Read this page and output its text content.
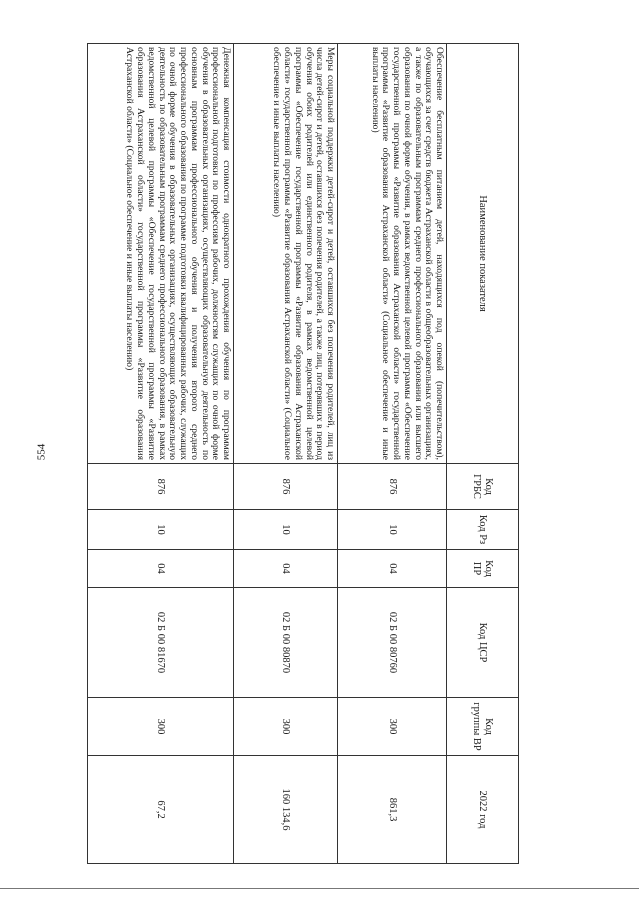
554
Наименование показателя	Код ГРБС	Код Рз	Код ПР	Код ЦСР	Код группы ВР	2022 год
Обеспечение бесплатным питанием детей, находящихся под опекой (попечительством), обучающихся за счет средств бюджета Астраханской области в общеобразовательных организациях, а также по образовательным программам среднего профессионального образования или высшего образования по очной форме обучения, в рамках ведомственной целевой программы «Обеспечение государственной программы «Развитие образования Астраханской области» государственной программы «Развитие образования Астраханской области» (Социальное обеспечение и иные выплаты населению)	876	10	04	02 Б 00 80760	300	861,3
Меры социальной поддержки детей-сирот и детей, оставшихся без попечения родителей, лиц из числа детей-сирот и детей, оставшихся без попечения родителей, а также лиц, потерявших в период обучения обоих родителей или единственного родителя, в рамках ведомственной целевой программы «Обеспечение государственной программы «Развитие образования Астраханской области» государственной программы «Развитие образования Астраханской области» (Социальное обеспечение и иные выплаты населению)	876	10	04	02 Б 00 80870	300	160 134,6
Денежная компенсация стоимости однократного прохождения обучения по программам профессиональной подготовки по профессиям рабочих, должностям служащих по очной форме обучения в образовательных организациях, осуществляющих образовательную деятельность по основным программам профессионального обучения и получения второго среднего профессионального образования по программе подготовки квалифицированных рабочих, служащих по очной форме обучения в образовательных организациях, осуществляющих образовательную деятельность по образовательным программам среднего профессионального образования, в рамках ведомственной целевой программы «Обеспечение государственной программы «Развитие образования Астраханской области» государственной программы «Развитие образования Астраханской области» (Социальное обеспечение и иные выплаты населению)	876	10	04	02 Б 00 81670	300	67,2
